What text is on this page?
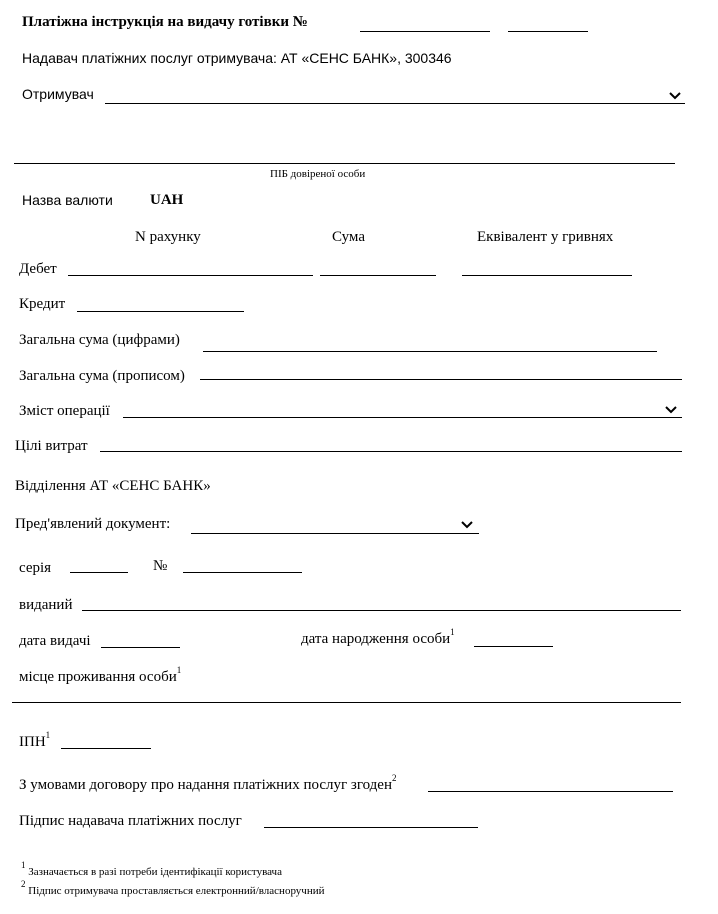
Платіжна інструкція на видачу готівки №
Надавач платіжних послуг отримувача: АТ «СЕНС БАНК», 300346
Отримувач
ПІБ довіреної особи
Назва валюти UAH
N рахунку	Сума	Еквівалент у гривнях
Дебет
Кредит
Загальна сума (цифрами)
Загальна сума (прописом)
Зміст операції
Цілі витрат
Відділення АТ «СЕНС БАНК»
Пред'явлений документ:
серія	№
виданий
дата видачі	дата народження особи$^1$
місце проживання особи$^1$
ІПН$^1$
З умовами договору про надання платіжних послуг згоден$^2$
Підпис надавача платіжних послуг
$^1$ Зазначається в разі потреби ідентифікації користувача
$^2$ Підпис отримувача проставляється електронний/власноручний
